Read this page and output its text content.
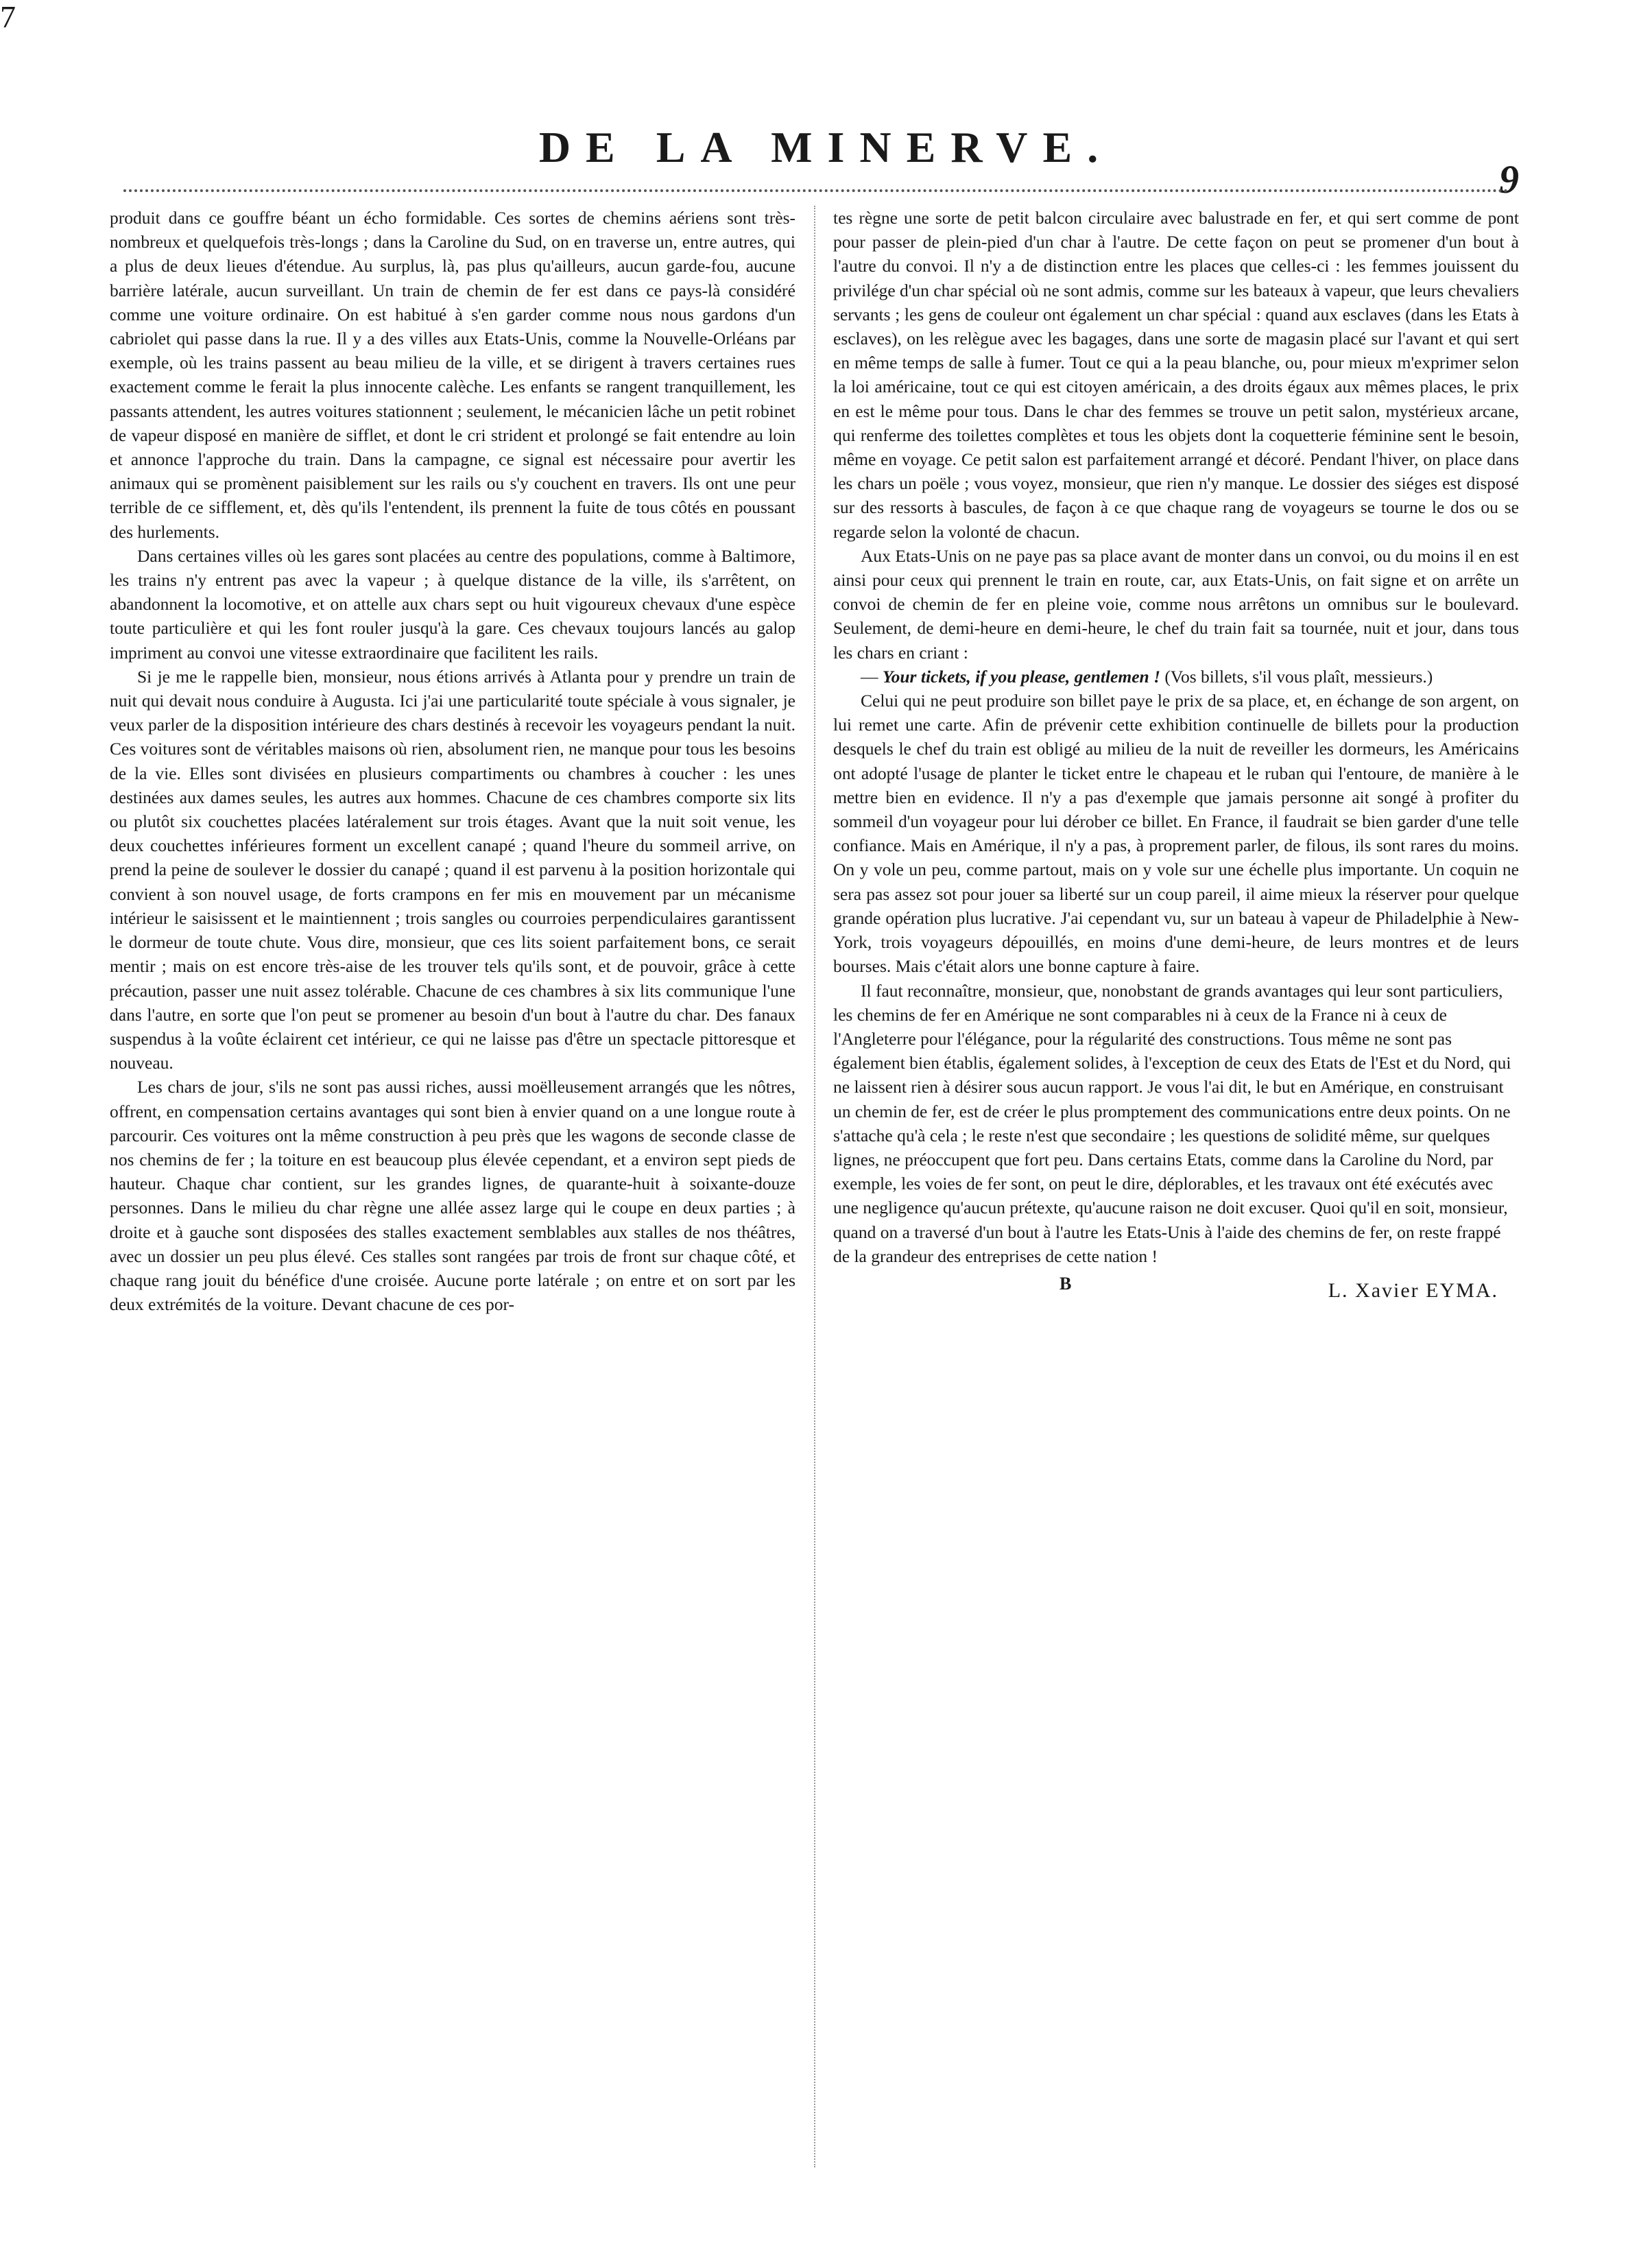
7
DE LA MINERVE.
9

produit dans ce gouffre béant un écho formidable. Ces sortes de chemins aériens sont très-nombreux et quelquefois très-longs ; dans la Caroline du Sud, on en traverse un, entre autres, qui a plus de deux lieues d'étendue. Au surplus, là, pas plus qu'ailleurs, aucun garde-fou, aucune barrière latérale, aucun surveillant. Un train de chemin de fer est dans ce pays-là considéré comme une voiture ordinaire. On est habitué à s'en garder comme nous nous gardons d'un cabriolet qui passe dans la rue. Il y a des villes aux Etats-Unis, comme la Nouvelle-Orléans par exemple, où les trains passent au beau milieu de la ville, et se dirigent à travers certaines rues exactement comme le ferait la plus innocente calèche. Les enfants se rangent tranquillement, les passants attendent, les autres voitures stationnent ; seulement, le mécanicien lâche un petit robinet de vapeur disposé en manière de sifflet, et dont le cri strident et prolongé se fait entendre au loin et annonce l'approche du train. Dans la campagne, ce signal est nécessaire pour avertir les animaux qui se promènent paisiblement sur les rails ou s'y couchent en travers. Ils ont une peur terrible de ce sifflement, et, dès qu'ils l'entendent, ils prennent la fuite de tous côtés en poussant des hurlements.

Dans certaines villes où les gares sont placées au centre des populations, comme à Baltimore, les trains n'y entrent pas avec la vapeur ; à quelque distance de la ville, ils s'arrêtent, on abandonnent la locomotive, et on attelle aux chars sept ou huit vigoureux chevaux d'une espèce toute particulière et qui les font rouler jusqu'à la gare. Ces chevaux toujours lancés au galop impriment au convoi une vitesse extraordinaire que facilitent les rails.

Si je me le rappelle bien, monsieur, nous étions arrivés à Atlanta pour y prendre un train de nuit qui devait nous conduire à Augusta. Ici j'ai une particularité toute spéciale à vous signaler, je veux parler de la disposition intérieure des chars destinés à recevoir les voyageurs pendant la nuit. Ces voitures sont de véritables maisons où rien, absolument rien, ne manque pour tous les besoins de la vie. Elles sont divisées en plusieurs compartiments ou chambres à coucher : les unes destinées aux dames seules, les autres aux hommes. Chacune de ces chambres comporte six lits ou plutôt six couchettes placées latéralement sur trois étages. Avant que la nuit soit venue, les deux couchettes inférieures forment un excellent canapé ; quand l'heure du sommeil arrive, on prend la peine de soulever le dossier du canapé ; quand il est parvenu à la position horizontale qui convient à son nouvel usage, de forts crampons en fer mis en mouvement par un mécanisme intérieur le saisissent et le maintiennent ; trois sangles ou courroies perpendiculaires garantissent le dormeur de toute chute. Vous dire, monsieur, que ces lits soient parfaitement bons, ce serait mentir ; mais on est encore très-aise de les trouver tels qu'ils sont, et de pouvoir, grâce à cette précaution, passer une nuit assez tolérable. Chacune de ces chambres à six lits communique l'une dans l'autre, en sorte que l'on peut se promener au besoin d'un bout à l'autre du char. Des fanaux suspendus à la voûte éclairent cet intérieur, ce qui ne laisse pas d'être un spectacle pittoresque et nouveau.

Les chars de jour, s'ils ne sont pas aussi riches, aussi moëlleusement arrangés que les nôtres, offrent, en compensation certains avantages qui sont bien à envier quand on a une longue route à parcourir. Ces voitures ont la même construction à peu près que les wagons de seconde classe de nos chemins de fer ; la toiture en est beaucoup plus élevée cependant, et a environ sept pieds de hauteur. Chaque char contient, sur les grandes lignes, de quarante-huit à soixante-douze personnes. Dans le milieu du char règne une allée assez large qui le coupe en deux parties ; à droite et à gauche sont disposées des stalles exactement semblables aux stalles de nos théâtres, avec un dossier un peu plus élevé. Ces stalles sont rangées par trois de front sur chaque côté, et chaque rang jouit du bénéfice d'une croisée. Aucune porte latérale ; on entre et on sort par les deux extrémités de la voiture. Devant chacune de ces por-

tes règne une sorte de petit balcon circulaire avec balustrade en fer, et qui sert comme de pont pour passer de plein-pied d'un char à l'autre. De cette façon on peut se promener d'un bout à l'autre du convoi. Il n'y a de distinction entre les places que celles-ci : les femmes jouissent du privilége d'un char spécial où ne sont admis, comme sur les bateaux à vapeur, que leurs chevaliers servants ; les gens de couleur ont également un char spécial : quand aux esclaves (dans les Etats à esclaves), on les relègue avec les bagages, dans une sorte de magasin placé sur l'avant et qui sert en même temps de salle à fumer. Tout ce qui a la peau blanche, ou, pour mieux m'exprimer selon la loi américaine, tout ce qui est citoyen américain, a des droits égaux aux mêmes places, le prix en est le même pour tous. Dans le char des femmes se trouve un petit salon, mystérieux arcane, qui renferme des toilettes complètes et tous les objets dont la coquetterie féminine sent le besoin, même en voyage. Ce petit salon est parfaitement arrangé et décoré. Pendant l'hiver, on place dans les chars un poële ; vous voyez, monsieur, que rien n'y manque. Le dossier des siéges est disposé sur des ressorts à bascules, de façon à ce que chaque rang de voyageurs se tourne le dos ou se regarde selon la volonté de chacun.

Aux Etats-Unis on ne paye pas sa place avant de monter dans un convoi, ou du moins il en est ainsi pour ceux qui prennent le train en route, car, aux Etats-Unis, on fait signe et on arrête un convoi de chemin de fer en pleine voie, comme nous arrêtons un omnibus sur le boulevard. Seulement, de demi-heure en demi-heure, le chef du train fait sa tournée, nuit et jour, dans tous les chars en criant :

— Your tickets, if you please, gentlemen ! (Vos billets, s'il vous plaît, messieurs.)

Celui qui ne peut produire son billet paye le prix de sa place, et, en échange de son argent, on lui remet une carte. Afin de prévenir cette exhibition continuelle de billets pour la production desquels le chef du train est obligé au milieu de la nuit de reveiller les dormeurs, les Américains ont adopté l'usage de planter le ticket entre le chapeau et le ruban qui l'entoure, de manière à le mettre bien en evidence. Il n'y a pas d'exemple que jamais personne ait songé à profiter du sommeil d'un voyageur pour lui dérober ce billet. En France, il faudrait se bien garder d'une telle confiance. Mais en Amérique, il n'y a pas, à proprement parler, de filous, ils sont rares du moins. On y vole un peu, comme partout, mais on y vole sur une échelle plus importante. Un coquin ne sera pas assez sot pour jouer sa liberté sur un coup pareil, il aime mieux la réserver pour quelque grande opération plus lucrative. J'ai cependant vu, sur un bateau à vapeur de Philadelphie à New-York, trois voyageurs dépouillés, en moins d'une demi-heure, de leurs montres et de leurs bourses. Mais c'était alors une bonne capture à faire.

Il faut reconnaître, monsieur, que, nonobstant de grands avantages qui leur sont particuliers, les chemins de fer en Amérique ne sont comparables ni à ceux de la France ni à ceux de l'Angleterre pour l'élégance, pour la régularité des constructions. Tous même ne sont pas également bien établis, également solides, à l'exception de ceux des Etats de l'Est et du Nord, qui ne laissent rien à désirer sous aucun rapport. Je vous l'ai dit, le but en Amérique, en construisant un chemin de fer, est de créer le plus promptement des communications entre deux points. On ne s'attache qu'à cela ; le reste n'est que secondaire ; les questions de solidité même, sur quelques lignes, ne préoccupent que fort peu. Dans certains Etats, comme dans la Caroline du Nord, par exemple, les voies de fer sont, on peut le dire, déplorables, et les travaux ont été exécutés avec une negligence qu'aucun prétexte, qu'aucune raison ne doit excuser. Quoi qu'il en soit, monsieur, quand on a traversé d'un bout à l'autre les Etats-Unis à l'aide des chemins de fer, on reste frappé de la grandeur des entreprises de cette nation !

B	L. Xavier EYMA.
